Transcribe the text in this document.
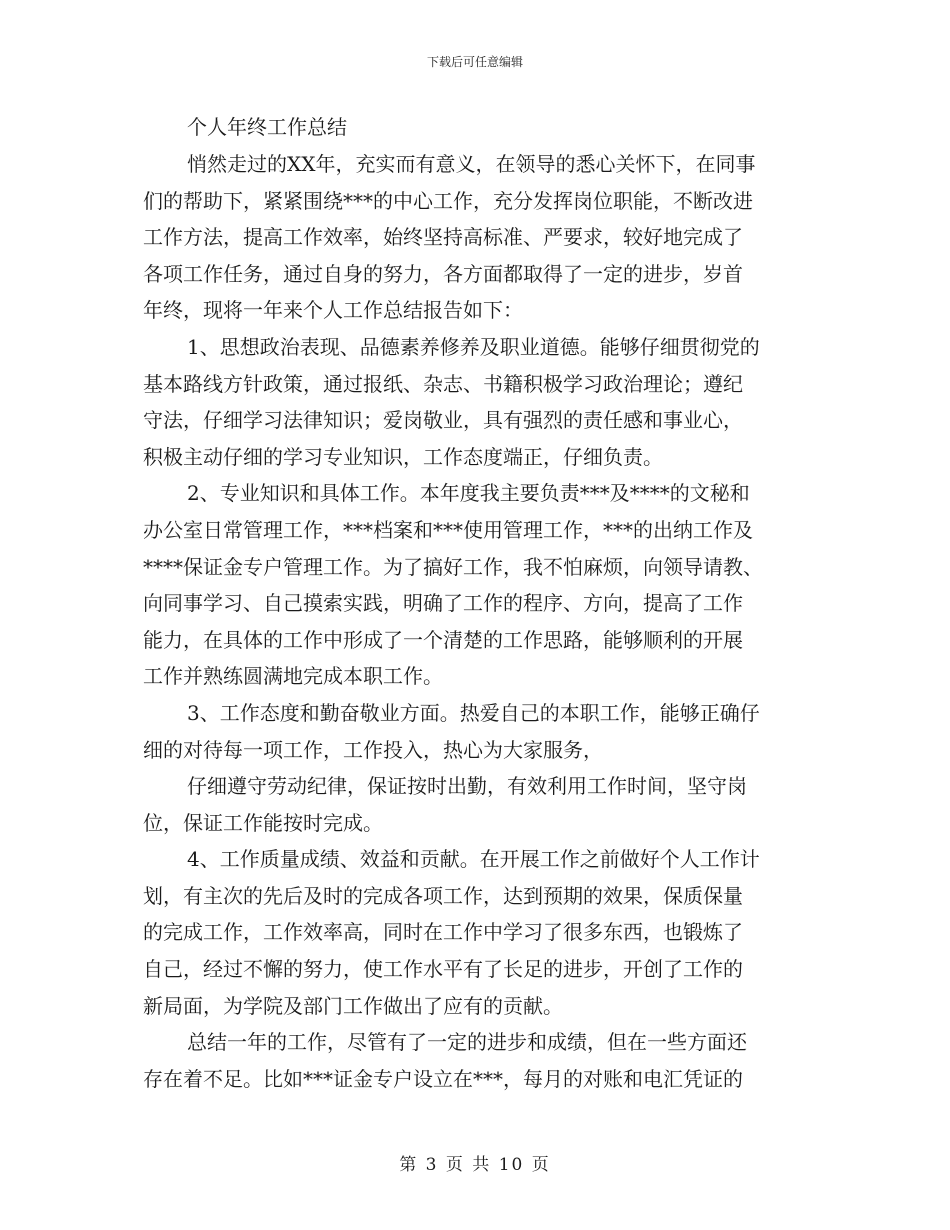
下载后可任意编辑
个人年终工作总结

悄然走过的XX年，充实而有意义，在领导的悉心关怀下，在同事
们的帮助下，紧紧围绕***的中心工作，充分发挥岗位职能，不断改进
工作方法，提高工作效率，始终坚持高标准、严要求，较好地完成了
各项工作任务，通过自身的努力，各方面都取得了一定的进步，岁首
年终，现将一年来个人工作总结报告如下：

1、思想政治表现、品德素养修养及职业道德。能够仔细贯彻党的
基本路线方针政策，通过报纸、杂志、书籍积极学习政治理论；遵纪
守法，仔细学习法律知识；爱岗敬业，具有强烈的责任感和事业心，
积极主动仔细的学习专业知识，工作态度端正，仔细负责。

2、专业知识和具体工作。本年度我主要负责***及****的文秘和
办公室日常管理工作，***档案和***使用管理工作，***的出纳工作及
****保证金专户管理工作。为了搞好工作，我不怕麻烦，向领导请教、
向同事学习、自己摸索实践，明确了工作的程序、方向，提高了工作
能力，在具体的工作中形成了一个清楚的工作思路，能够顺利的开展
工作并熟练圆满地完成本职工作。

3、工作态度和勤奋敬业方面。热爱自己的本职工作，能够正确仔
细的对待每一项工作，工作投入，热心为大家服务，

仔细遵守劳动纪律，保证按时出勤，有效利用工作时间，坚守岗
位，保证工作能按时完成。

4、工作质量成绩、效益和贡献。在开展工作之前做好个人工作计
划，有主次的先后及时的完成各项工作，达到预期的效果，保质保量
的完成工作，工作效率高，同时在工作中学习了很多东西，也锻炼了
自己，经过不懈的努力，使工作水平有了长足的进步，开创了工作的
新局面，为学院及部门工作做出了应有的贡献。

总结一年的工作，尽管有了一定的进步和成绩，但在一些方面还
存在着不足。比如***证金专户设立在***，每月的对账和电汇凭证的

第 3 页 共 10 页
